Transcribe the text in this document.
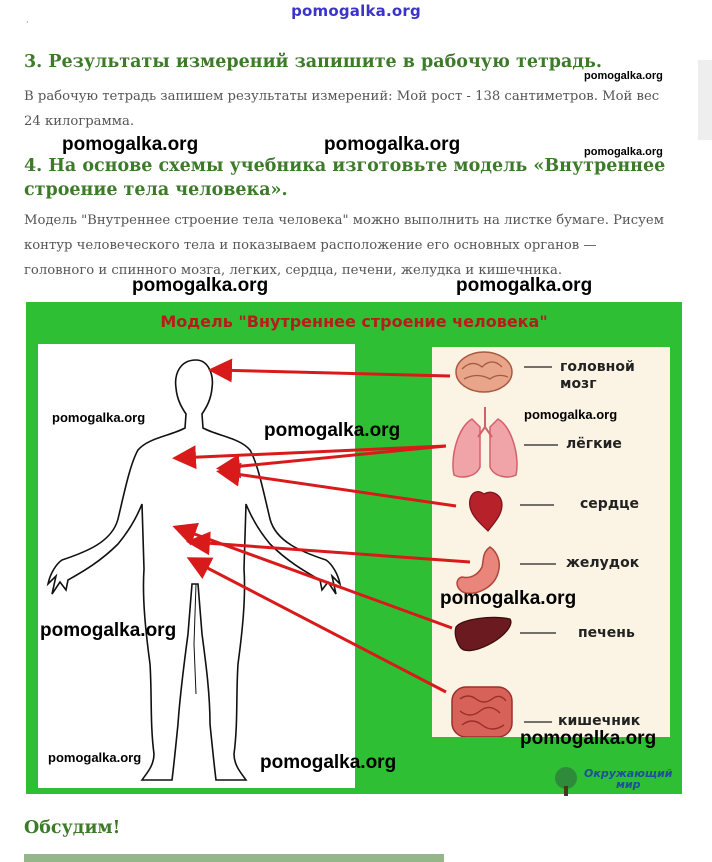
pomogalka.org
’
3. Результаты измерений запишите в рабочую тетрадь.
pomogalka.org
В рабочую тетрадь запишем результаты измерений: Мой рост - 138 сантиметров. Мой вес
24 килограмма.
pomogalka.org	pomogalka.org	pomogalka.org
4. На основе схемы учебника изготовьте модель «Внутреннее
строение тела человека».
Модель "Внутреннее строение тела человека" можно выполнить на листке бумаге. Рисуем
контур человеческого тела и показываем расположение его основных органов —
головного и спинного мозга, легких, сердца, печени, желудка и кишечника.
pomogalka.org	pomogalka.org
Модель "Внутреннее строение человека"
головной
мозг
лёгкие
сердце
желудок
печень
кишечник
Окружающий
мир
pomogalka.org
pomogalka.org
pomogalka.org
pomogalka.org
pomogalka.org
pomogalka.org
pomogalka.org	pomogalka.org
Обсудим!
